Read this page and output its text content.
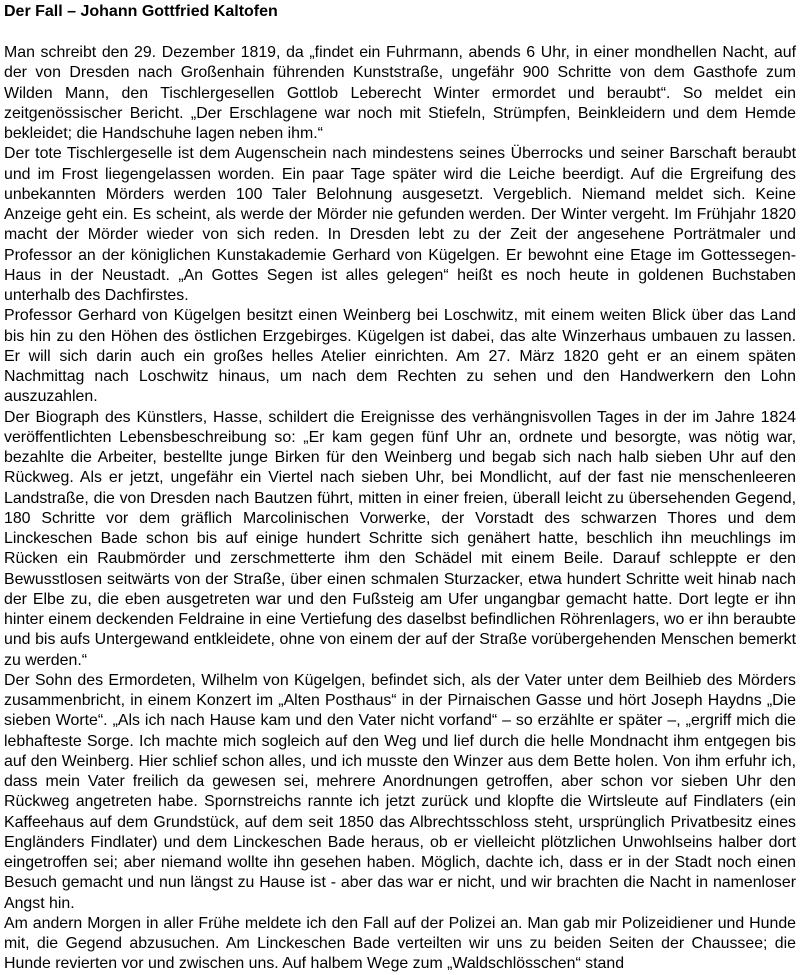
Der Fall – Johann Gottfried Kaltofen

Man schreibt den 29. Dezember 1819, da „findet ein Fuhrmann, abends 6 Uhr, in einer mondhellen Nacht, auf der von Dresden nach Großenhain führenden Kunststraße, ungefähr 900 Schritte von dem Gasthofe zum Wilden Mann, den Tischlergesellen Gottlob Leberecht Winter ermordet und beraubt“. So meldet ein zeitgenössischer Bericht. „Der Erschlagene war noch mit Stiefeln, Strümpfen, Beinkleidern und dem Hemde bekleidet; die Handschuhe lagen neben ihm.“

Der tote Tischlergeselle ist dem Augenschein nach mindestens seines Überrocks und seiner Barschaft beraubt und im Frost liegengelassen worden. Ein paar Tage später wird die Leiche beerdigt. Auf die Ergreifung des unbekannten Mörders werden 100 Taler Belohnung ausgesetzt. Vergeblich. Niemand meldet sich. Keine Anzeige geht ein. Es scheint, als werde der Mörder nie gefunden werden. Der Winter vergeht. Im Frühjahr 1820 macht der Mörder wieder von sich reden. In Dresden lebt zu der Zeit der angesehene Porträtmaler und Professor an der königlichen Kunstakademie Gerhard von Kügelgen. Er bewohnt eine Etage im Gottessegen-Haus in der Neustadt. „An Gottes Segen ist alles gelegen“ heißt es noch heute in goldenen Buchstaben unterhalb des Dachfirstes.

Professor Gerhard von Kügelgen besitzt einen Weinberg bei Loschwitz, mit einem weiten Blick über das Land bis hin zu den Höhen des östlichen Erzgebirges. Kügelgen ist dabei, das alte Winzerhaus umbauen zu lassen. Er will sich darin auch ein großes helles Atelier einrichten. Am 27. März 1820 geht er an einem späten Nachmittag nach Loschwitz hinaus, um nach dem Rechten zu sehen und den Handwerkern den Lohn auszuzahlen.

Der Biograph des Künstlers, Hasse, schildert die Ereignisse des verhängnisvollen Tages in der im Jahre 1824 veröffentlichten Lebensbeschreibung so: „Er kam gegen fünf Uhr an, ordnete und besorgte, was nötig war, bezahlte die Arbeiter, bestellte junge Birken für den Weinberg und begab sich nach halb sieben Uhr auf den Rückweg. Als er jetzt, ungefähr ein Viertel nach sieben Uhr, bei Mondlicht, auf der fast nie menschenleeren Landstraße, die von Dresden nach Bautzen führt, mitten in einer freien, überall leicht zu übersehenden Gegend, 180 Schritte vor dem gräflich Marcolinischen Vorwerke, der Vorstadt des schwarzen Thores und dem Linckeschen Bade schon bis auf einige hundert Schritte sich genähert hatte, beschlich ihn meuchlings im Rücken ein Raubmörder und zerschmetterte ihm den Schädel mit einem Beile. Darauf schleppte er den Bewusstlosen seitwärts von der Straße, über einen schmalen Sturzacker, etwa hundert Schritte weit hinab nach der Elbe zu, die eben ausgetreten war und den Fußsteig am Ufer ungangbar gemacht hatte. Dort legte er ihn hinter einem deckenden Feldraine in eine Vertiefung des daselbst befindlichen Röhrenlagers, wo er ihn beraubte und bis aufs Untergewand entkleidete, ohne von einem der auf der Straße vorübergehenden Menschen bemerkt zu werden.“

Der Sohn des Ermordeten, Wilhelm von Kügelgen, befindet sich, als der Vater unter dem Beilhieb des Mörders zusammenbricht, in einem Konzert im „Alten Posthaus“ in der Pirnaischen Gasse und hört Joseph Haydns „Die sieben Worte“. „Als ich nach Hause kam und den Vater nicht vorfand“ – so erzählte er später –, „ergriff mich die lebhafteste Sorge. Ich machte mich sogleich auf den Weg und lief durch die helle Mondnacht ihm entgegen bis auf den Weinberg. Hier schlief schon alles, und ich musste den Winzer aus dem Bette holen. Von ihm erfuhr ich, dass mein Vater freilich da gewesen sei, mehrere Anordnungen getroffen, aber schon vor sieben Uhr den Rückweg angetreten habe. Spornstreichs rannte ich jetzt zurück und klopfte die Wirtsleute auf Findlaters (ein Kaffeehaus auf dem Grundstück, auf dem seit 1850 das Albrechtsschloss steht, ursprünglich Privatbesitz eines Engländers Findlater) und dem Linckeschen Bade heraus, ob er vielleicht plötzlichen Unwohlseins halber dort eingetroffen sei; aber niemand wollte ihn gesehen haben. Möglich, dachte ich, dass er in der Stadt noch einen Besuch gemacht und nun längst zu Hause ist - aber das war er nicht, und wir brachten die Nacht in namenloser Angst hin.

Am andern Morgen in aller Frühe meldete ich den Fall auf der Polizei an. Man gab mir Polizeidiener und Hunde mit, die Gegend abzusuchen. Am Linckeschen Bade verteilten wir uns zu beiden Seiten der Chaussee; die Hunde revierten vor und zwischen uns. Auf halbem Wege zum „Waldschlösschen“ stand
